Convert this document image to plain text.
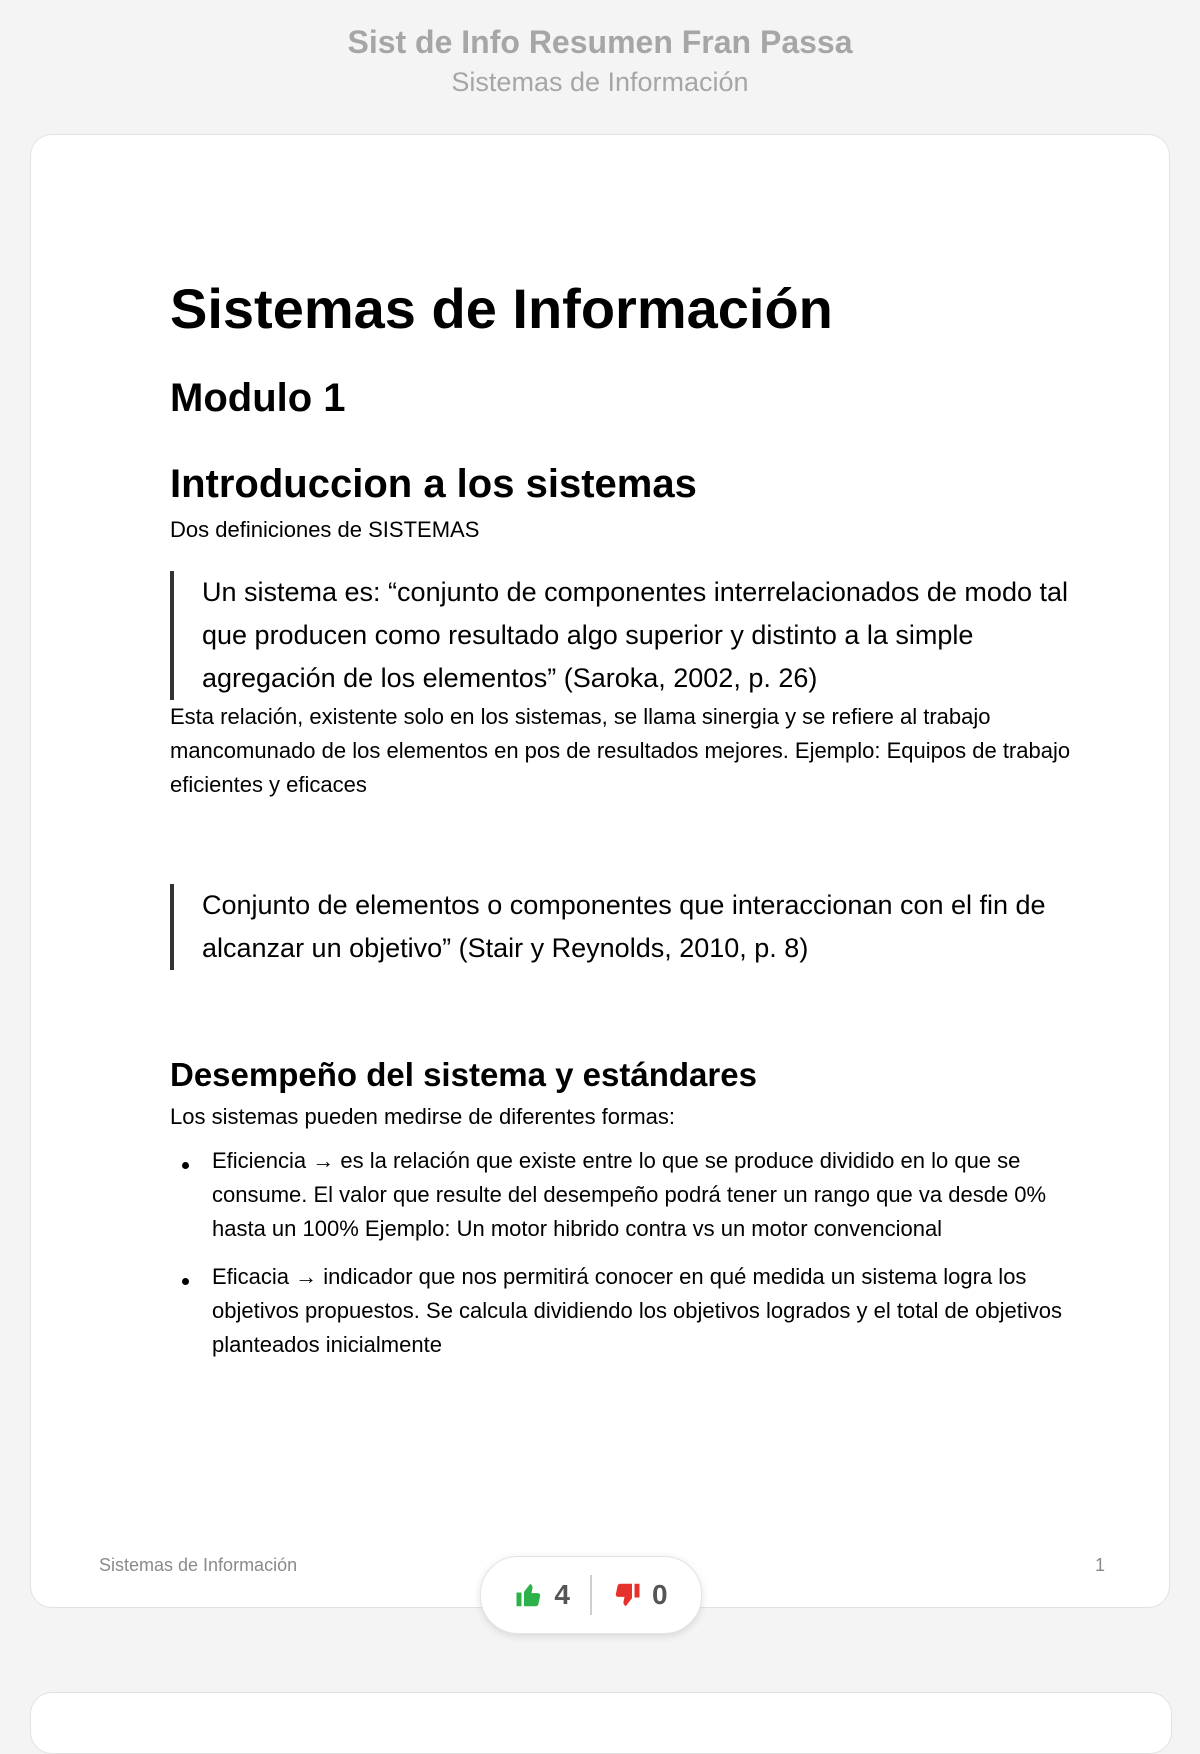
Sist de Info Resumen Fran Passa
Sistemas de Información
Sistemas de Información
Modulo 1
Introduccion a los sistemas

Dos definiciones de SISTEMAS

Un sistema es: “conjunto de componentes interrelacionados de modo tal que producen como resultado algo superior y distinto a la simple agregación de los elementos” (Saroka, 2002, p. 26)

Esta relación, existente solo en los sistemas, se llama sinergia y se refiere al trabajo mancomunado de los elementos en pos de resultados mejores. Ejemplo: Equipos de trabajo eficientes y eficaces

Conjunto de elementos o componentes que interaccionan con el fin de alcanzar un objetivo” (Stair y Reynolds, 2010, p. 8)
Desempeño del sistema y estándares

Los sistemas pueden medirse de diferentes formas:

Eficiencia → es la relación que existe entre lo que se produce dividido en lo que se consume. El valor que resulte del desempeño podrá tener un rango que va desde 0% hasta un 100% Ejemplo: Un motor hibrido contra vs un motor convencional
Eficacia → indicador que nos permitirá conocer en qué medida un sistema logra los objetivos propuestos. Se calcula dividiendo los objetivos logrados y el total de objetivos planteados inicialmente
Sistemas de Información	1
4	0
